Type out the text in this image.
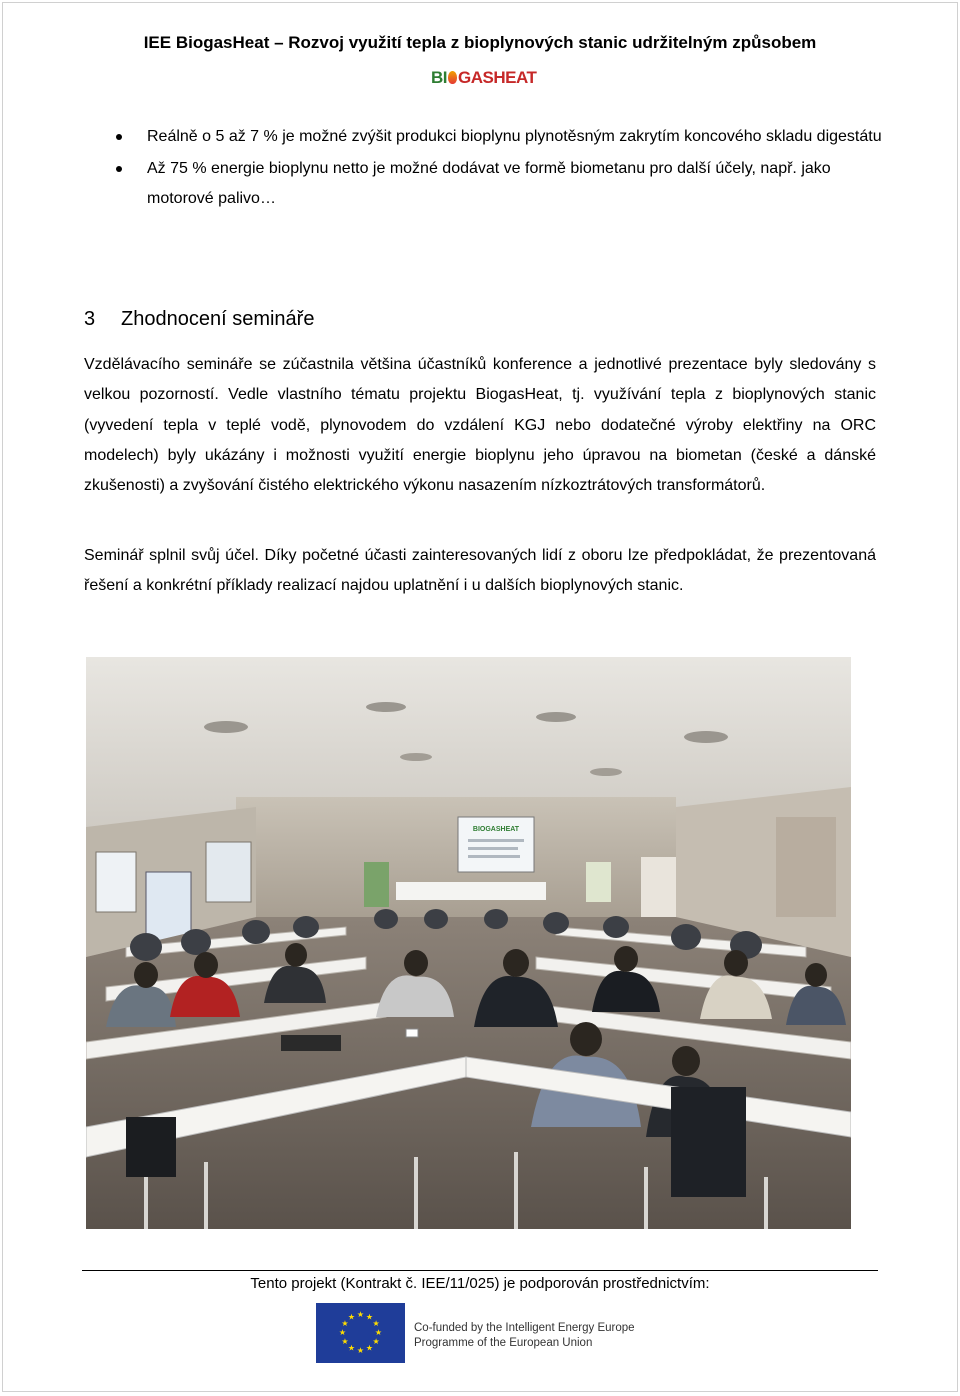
IEE BiogasHeat – Rozvoj využití tepla z bioplynových stanic udržitelným způsobem
BI GASHEAT
Reálně o 5 až 7 % je možné zvýšit produkci bioplynu plynotěsným zakrytím koncového skladu digestátu
Až 75 % energie bioplynu netto je možné dodávat ve formě biometanu pro další účely, např. jako motorové palivo…
3 Zhodnocení semináře

Vzdělávacího semináře se zúčastnila většina účastníků konference a jednotlivé prezentace byly sledovány s velkou pozorností. Vedle vlastního tématu projektu BiogasHeat, tj. využívání tepla z bioplynových stanic (vyvedení tepla v teplé vodě, plynovodem do vzdálení KGJ nebo dodatečné výroby elektřiny na ORC modelech) byly ukázány i možnosti využití energie bioplynu jeho úpravou na biometan (české a dánské zkušenosti) a zvyšování čistého elektrického výkonu nasazením nízkoztrátových transformátorů.

Seminář splnil svůj účel. Díky početné účasti zainteresovaných lidí z oboru lze předpokládat, že prezentovaná řešení a konkrétní příklady realizací najdou uplatnění i u dalších bioplynových stanic.

BIOGASHEAT
Tento projekt (Kontrakt č. IEE/11/025) je podporován prostřednictvím:
★ ★
★
★
★
★
★
★
★
★
★
★
Co-funded by the Intelligent Energy Europe
Programme of the European Union
